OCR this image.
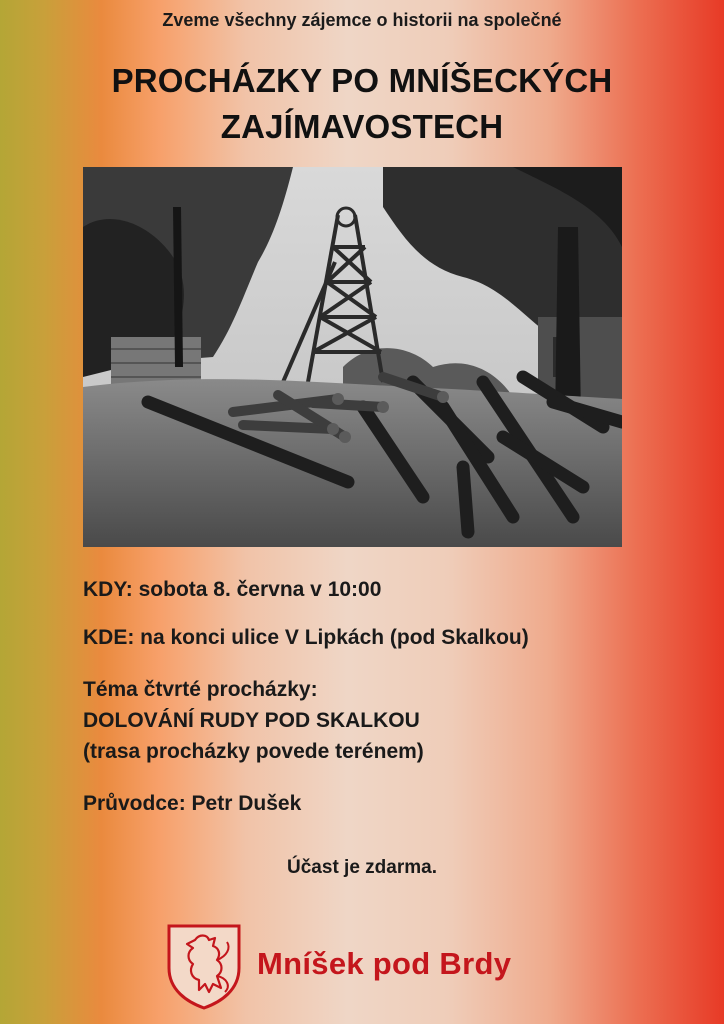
Zveme všechny zájemce o historii na společné
PROCHÁZKY PO MNÍŠECKÝCH
ZAJÍMAVOSTECH
KDY: sobota 8. června v 10:00
KDE: na konci ulice V Lipkách (pod Skalkou)
Téma čtvrté procházky:
DOLOVÁNÍ RUDY POD SKALKOU
(trasa procházky povede terénem)
Průvodce: Petr Dušek
Účast je zdarma.
Mníšek pod Brdy
